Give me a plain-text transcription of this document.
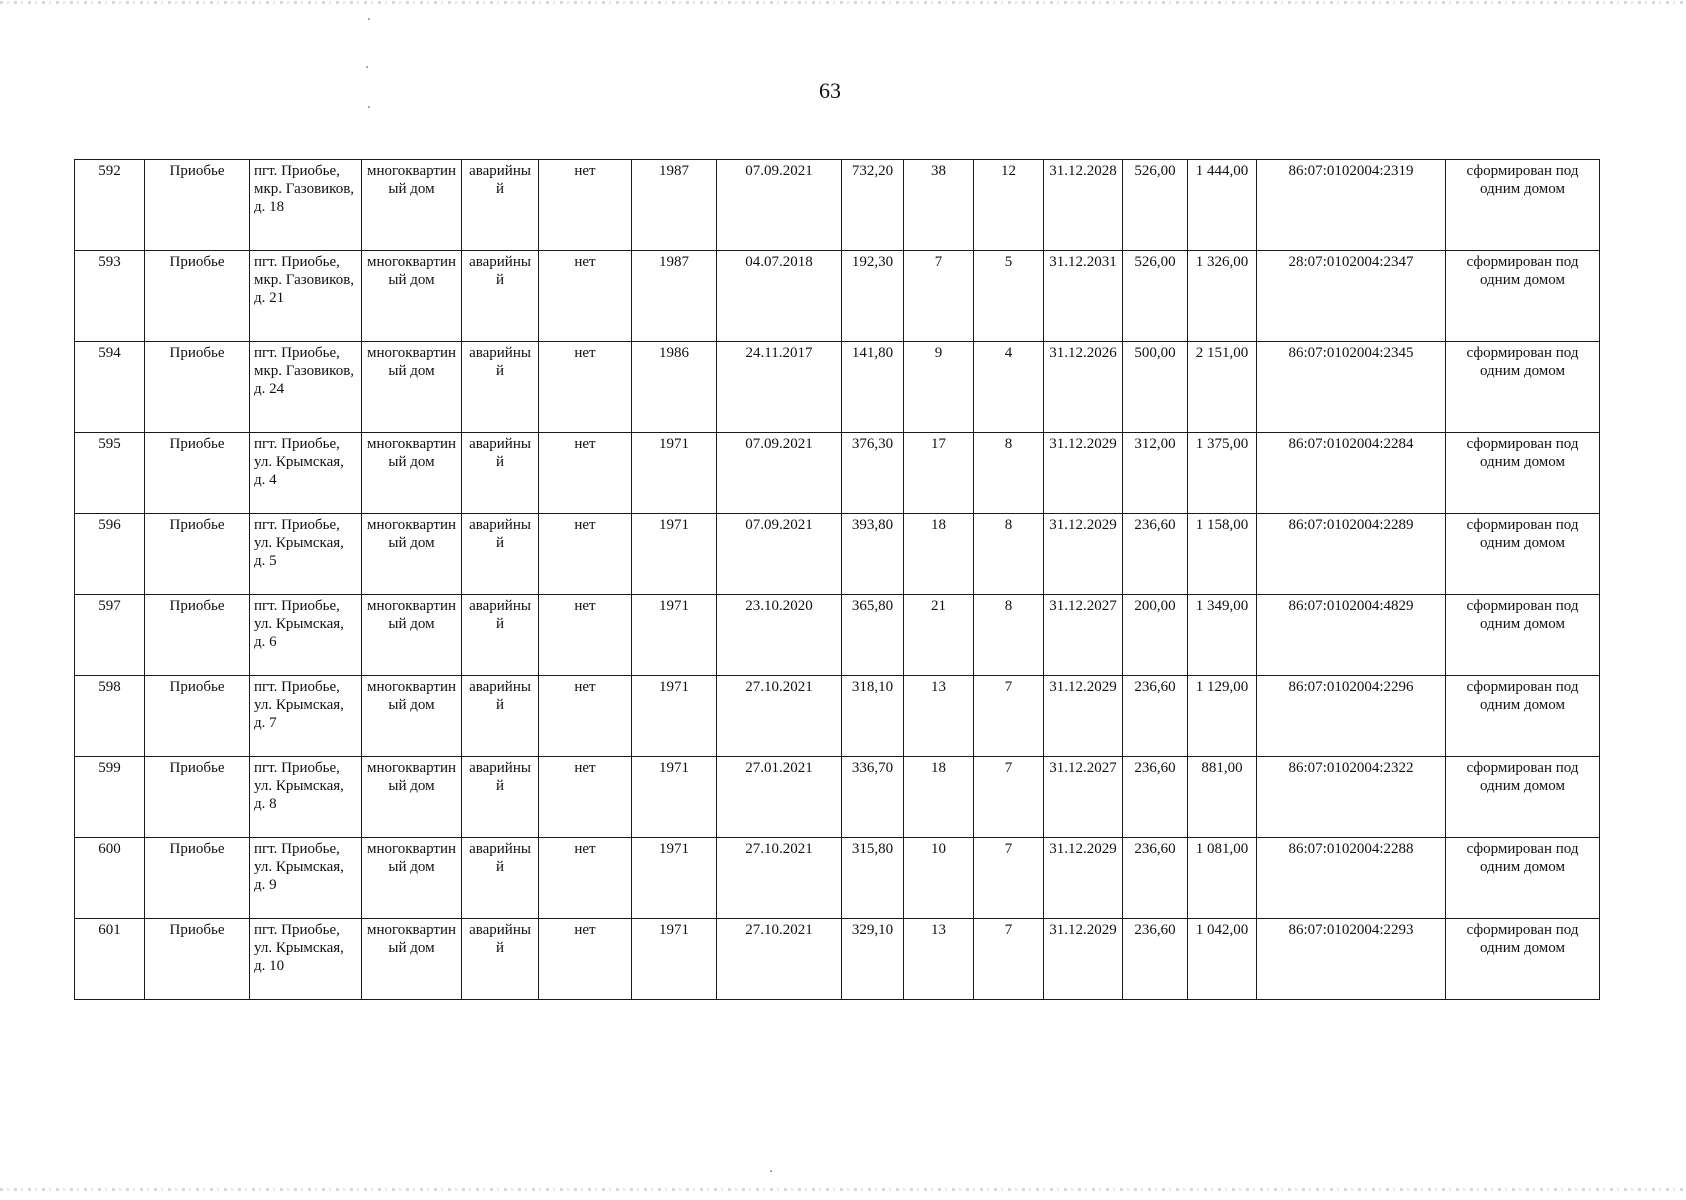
63
592	Приобье	пгт. Приобье, мкр. Газовиков, д. 18	многоквартиный дом	аварийный	нет	1987	07.09.2021	732,20	38	12	31.12.2028	526,00	1 444,00	86:07:0102004:2319	сформирован под одним домом
593	Приобье	пгт. Приобье, мкр. Газовиков, д. 21	многоквартиный дом	аварийный	нет	1987	04.07.2018	192,30	7	5	31.12.2031	526,00	1 326,00	28:07:0102004:2347	сформирован под одним домом
594	Приобье	пгт. Приобье, мкр. Газовиков, д. 24	многоквартиный дом	аварийный	нет	1986	24.11.2017	141,80	9	4	31.12.2026	500,00	2 151,00	86:07:0102004:2345	сформирован под одним домом
595	Приобье	пгт. Приобье, ул. Крымская, д. 4	многоквартиный дом	аварийный	нет	1971	07.09.2021	376,30	17	8	31.12.2029	312,00	1 375,00	86:07:0102004:2284	сформирован под одним домом
596	Приобье	пгт. Приобье, ул. Крымская, д. 5	многоквартиный дом	аварийный	нет	1971	07.09.2021	393,80	18	8	31.12.2029	236,60	1 158,00	86:07:0102004:2289	сформирован под одним домом
597	Приобье	пгт. Приобье, ул. Крымская, д. 6	многоквартиный дом	аварийный	нет	1971	23.10.2020	365,80	21	8	31.12.2027	200,00	1 349,00	86:07:0102004:4829	сформирован под одним домом
598	Приобье	пгт. Приобье, ул. Крымская, д. 7	многоквартиный дом	аварийный	нет	1971	27.10.2021	318,10	13	7	31.12.2029	236,60	1 129,00	86:07:0102004:2296	сформирован под одним домом
599	Приобье	пгт. Приобье, ул. Крымская, д. 8	многоквартиный дом	аварийный	нет	1971	27.01.2021	336,70	18	7	31.12.2027	236,60	881,00	86:07:0102004:2322	сформирован под одним домом
600	Приобье	пгт. Приобье, ул. Крымская, д. 9	многоквартиный дом	аварийный	нет	1971	27.10.2021	315,80	10	7	31.12.2029	236,60	1 081,00	86:07:0102004:2288	сформирован под одним домом
601	Приобье	пгт. Приобье, ул. Крымская, д. 10	многоквартиный дом	аварийный	нет	1971	27.10.2021	329,10	13	7	31.12.2029	236,60	1 042,00	86:07:0102004:2293	сформирован под одним домом
